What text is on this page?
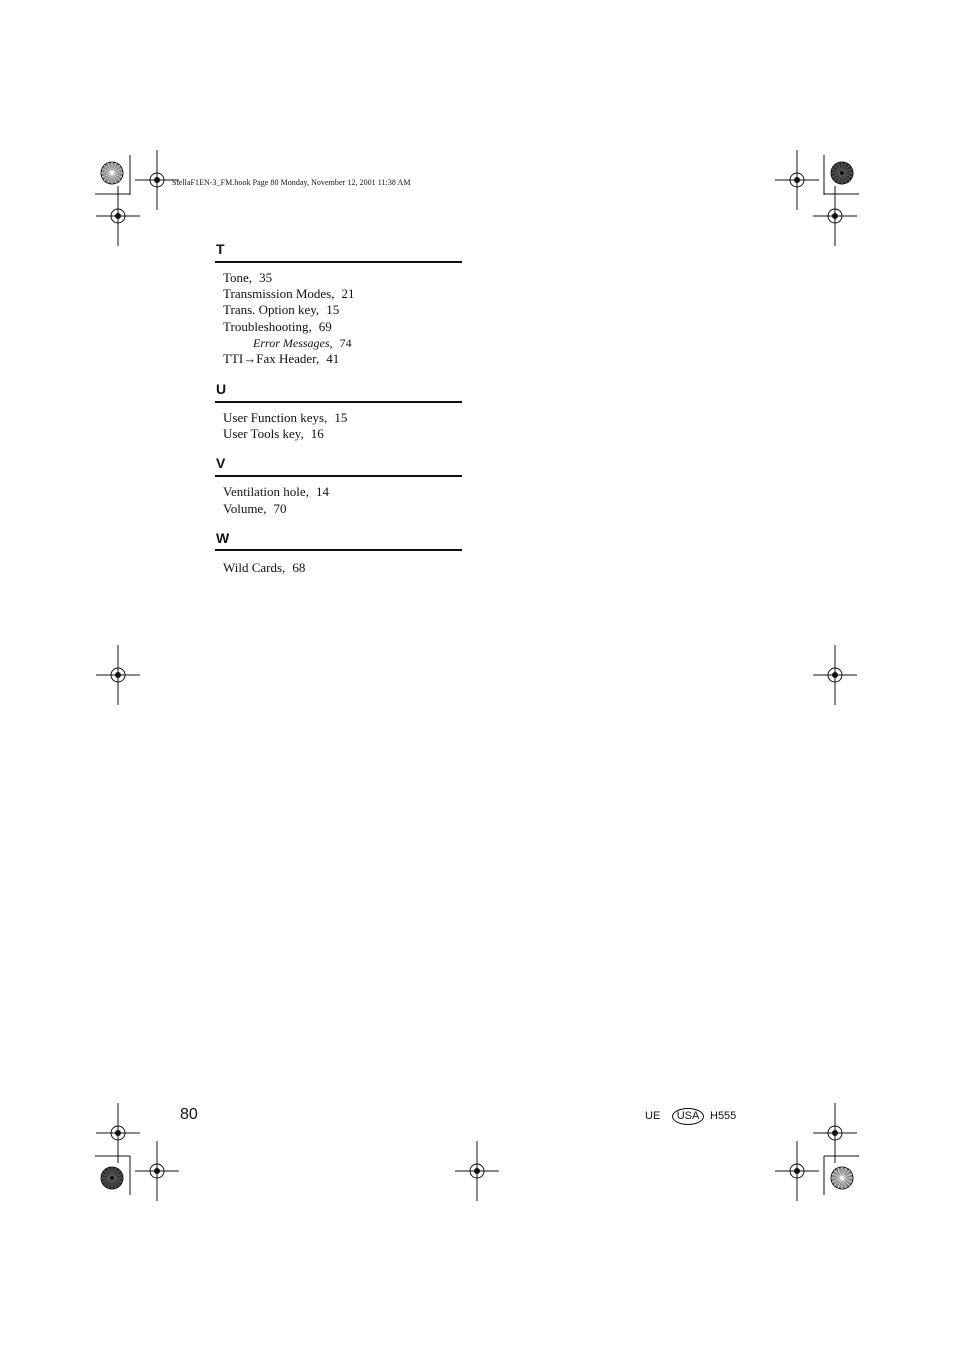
StellaF1EN-3_FM.book Page 80 Monday, November 12, 2001 11:38 AM
T
Tone, 35
Transmission Modes, 21
Trans. Option key, 15
Troubleshooting, 69
Error Messages, 74
TTI→Fax Header, 41
U
User Function keys, 15
User Tools key, 16
V
Ventilation hole, 14
Volume, 70
W
Wild Cards, 68
80	UE	USA H555
